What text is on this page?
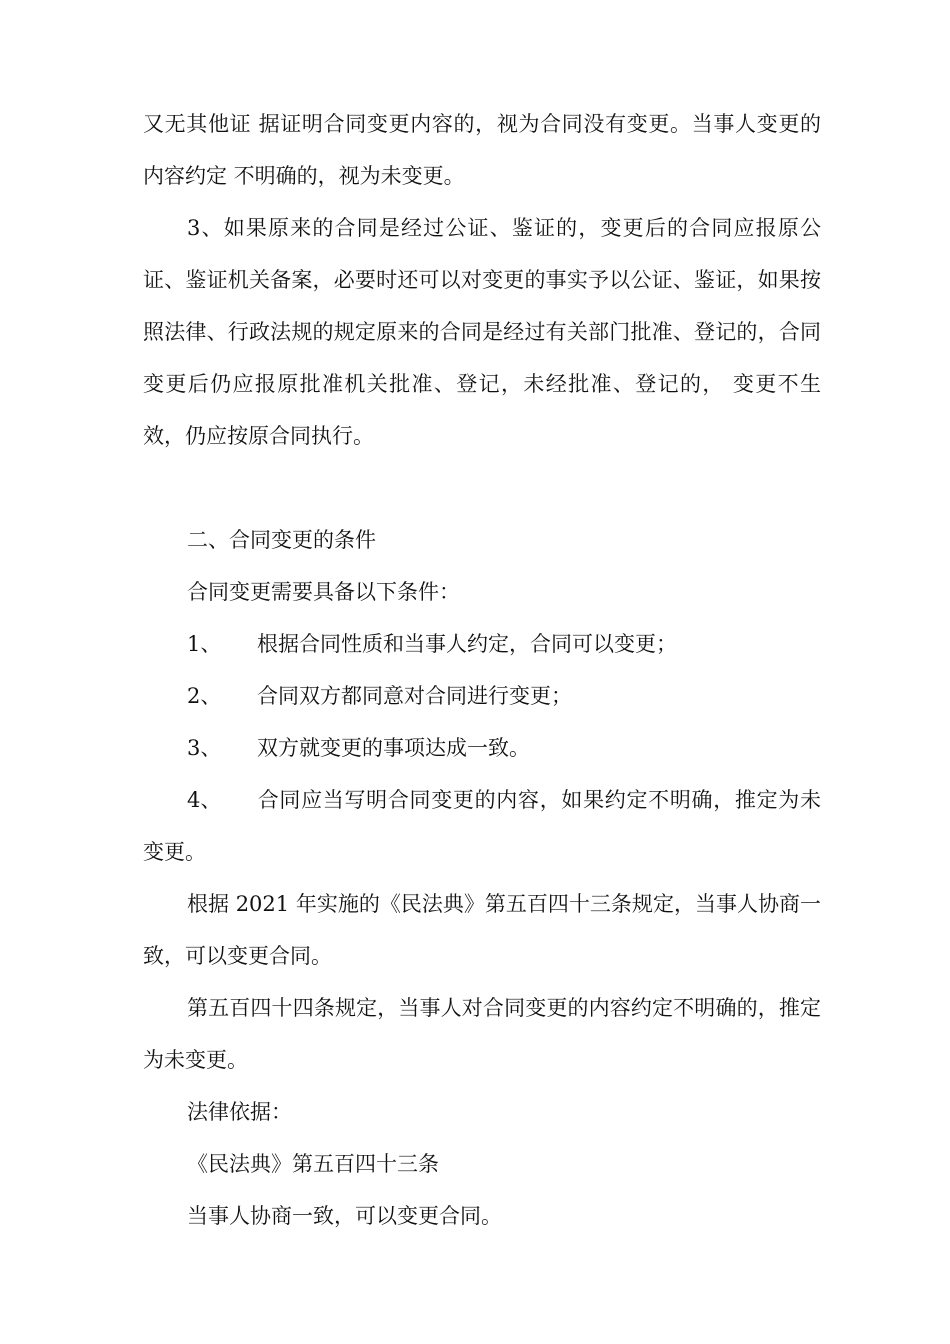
又无其他证 据证明合同变更内容的，视为合同没有变更。当事人变更的内容约定 不明确的，视为未变更。

3、如果原来的合同是经过公证、鉴证的，变更后的合同应报原公证、鉴证机关备案，必要时还可以对变更的事实予以公证、鉴证，如果按照法律、行政法规的规定原来的合同是经过有关部门批准、登记的，合同变更后仍应报原批准机关批准、登记，未经批准、登记的， 变更不生效，仍应按原合同执行。

二、合同变更的条件

合同变更需要具备以下条件：

1、 根据合同性质和当事人约定，合同可以变更；

2、 合同双方都同意对合同进行变更；

3、 双方就变更的事项达成一致。

4、 合同应当写明合同变更的内容，如果约定不明确，推定为未 变更。

根据 2021 年实施的《民法典》第五百四十三条规定，当事人协商一致，可以变更合同。

第五百四十四条规定，当事人对合同变更的内容约定不明确的，推定为未变更。

法律依据：

《民法典》第五百四十三条

当事人协商一致，可以变更合同。
